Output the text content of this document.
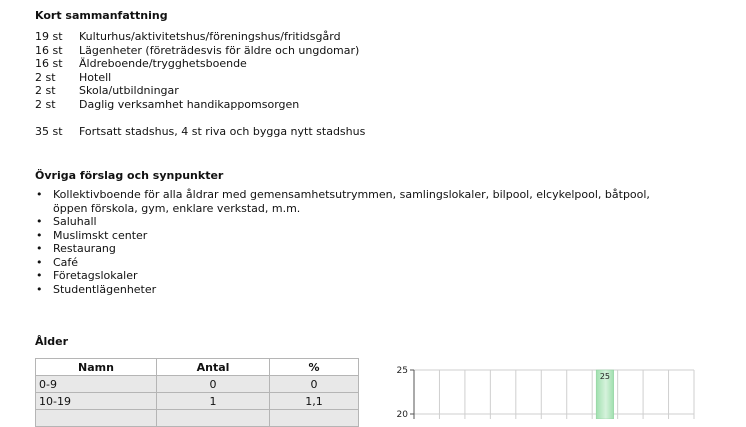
Kort sammanfattning
19 st Kulturhus/aktivitetshus/föreningshus/fritidsgård
16 st Lägenheter (företrädesvis för äldre och ungdomar)
16 st Äldreboende/trygghetsboende
2 st Hotell
2 st Skola/utbildningar
2 st Daglig verksamhet handikappomsorgen
35 st Fortsatt stadshus, 4 st riva och bygga nytt stadshus
Övriga förslag och synpunkter
• Kollektivboende för alla åldrar med gemensamhetsutrymmen, samlingslokaler, bilpool, elcykelpool, båtpool,
öppen förskola, gym, enklare verkstad, m.m.
• Saluhall
• Muslimskt center
• Restaurang
• Café
• Företagslokaler
• Studentlägenheter
Ålder
Namn	Antal	%
0-9	0	0
10-19	1	1,1

20
25
25
